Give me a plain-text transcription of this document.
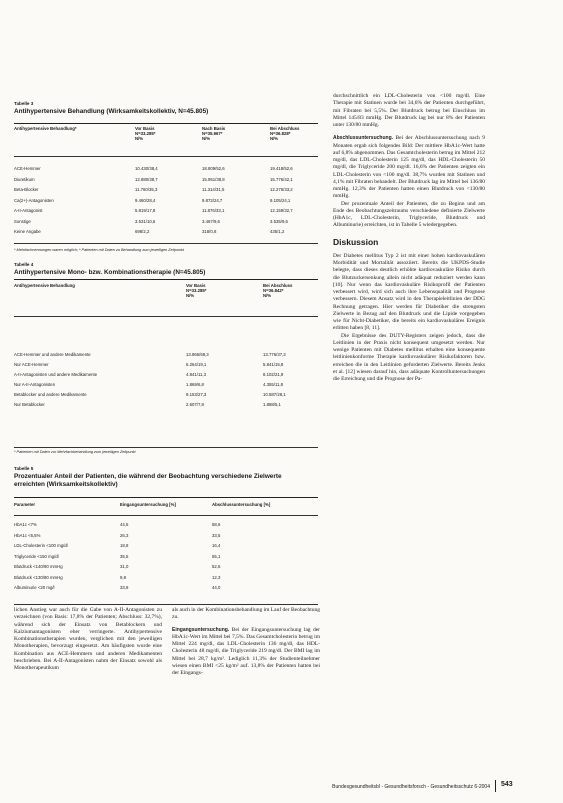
Tabelle 3
Antihypertensive Behandlung (Wirksamkeitskollektiv, N=45.805)
Antihypertensive Behandlung*	Vor Basis
N=33.285*
N/%
Nach Basis
N=35.967*
N/%
Bei Abschluss
N=36.828*
N/%
ACE-Hemmer	10.430/38,4	18.809/52,6	19.418/52,6
Diuretikum	12.880/38,7	15.951/38,8	15.776/42,1
Beta-Blocker	11.760/35,3	11.314/31,5	12.276/33,2
Ca(2+)-Antagonisten	9.460/28,4	9.872/24,7	9.105/24,1
A-II-Antagonist	5.819/17,8	11.876/33,1	12.159/32,7
Sonstige	3.531/10,6	3.467/9,6	3.535/9,6
Keine Angabe	698/2,2	318/0,8	435/1,2
* Mehrfachnennungen waren möglich; * Patienten mit Daten zu Behandlung zum jeweiligen Zeitpunkt
Tabelle 4
Antihypertensive Mono- bzw. Kombinationstherapie (N=45.805)
Antihypertensive Behandlung	Vor Basis
N=33.285*
N/%
Bei Abschluss
N=36.842*
N/%
ACE-Hemmer und andere Medikamente	13.866/69,3	13.776/37,3
Nur ACE-Hemmer	6.264/19,1	5.841/15,8
A-II-Antagonisten und andere Medikamente	4.841/11,3	8.102/21,9
Nur A-II-Antagonisten	1.869/6,8	4.355/11,8
Betablocker und andere Medikamente	9.153/27,3	10.587/28,1
Nur Betablocker	2.607/7,8	1.888/5,1
* Patienten mit Daten zur Mehrfachbehandlung zum jeweiligen Zeitpunkt
Tabelle 5
Prozentualer Anteil der Patienten, die während der Beobachtung verschiedene Zielwerte erreichten (Wirksamkeitskollektiv)
Parameter	Eingangsuntersuchung [%]	Abschlussuntersuchung [%]
HbA1c <7%	44,5	58,6
HbA1c <6,5%	26,3	33,5
LDL-Cholesterin <100 mg/dl	18,8	16,4
Triglyceride <150 mg/dl	35,5	55,1
Blutdruck <140/90 mmHg	31,0	52,6
Blutdruck <130/80 mmHg	9,8	12,3
Albuminurie <20 mg/l	33,9	44,0

lichen Anstieg war auch für die Gabe von A-II-Antagonisten zu verzeichnen (von Basis: 17,8% der Patienten; Abschluss: 32,7%), während sich der Einsatz von Betablockern und Kalziumantagonisten eher verringerte. Antihypertensive Kombinationstherapien wurden, verglichen mit den jeweiligen Monotherapien, bevorzugt eingesetzt. Am häufigsten wurde eine Kombination aus ACE-Hemmern und anderen Medikamenten beschrieben. Bei A-II-Antagonisten nahm der Einsatz sowohl als Monotherapeutikum

als auch in der Kombinationsbehandlung im Lauf der Beobachtung zu.

Eingangsuntersuchung. Bei der Eingangsuntersuchung lag der HbA1c-Wert im Mittel bei 7,5%. Das Gesamtcholesterin betrug im Mittel 224 mg/dl, das LDL-Cholesterin 136 mg/dl, das HDL-Cholesterin 48 mg/dl, die Triglyceride 219 mg/dl. Der BMI lag im Mittel bei 28,7 kg/m². Lediglich 11,3% der Studienteilnehmer wiesen einen BMI <25 kg/m² auf. 13,8% der Patienten hatten bei der Eingangs-

durchschnittlich ein LDL-Cholesterin von <100 mg/dl. Eine Therapie mit Statinen wurde bei 34,6% der Patienten durchgeführt, mit Fibraten bei 5,5%. Der Blutdruck betrug bei Einschluss im Mittel 145/83 mmHg. Der Blutdruck lag bei nur 8% der Patienten unter 130/80 mmHg.

Abschlussuntersuchung. Bei der Abschlussuntersuchung nach 9 Monaten ergab sich folgendes Bild: Der mittlere HbA1c-Wert hatte auf 6,8% abgenommen. Das Gesamtcholesterin betrug im Mittel 212 mg/dl, das LDL-Cholesterin 125 mg/dl, das HDL-Cholesterin 50 mg/dl, die Triglyceride 200 mg/dl. 16,6% der Patienten zeigten ein LDL-Cholesterin von <100 mg/dl. 38,7% wurden mit Statinen und 4,1% mit Fibraten behandelt. Der Blutdruck lag im Mittel bei 136/80 mmHg. 12,3% der Patienten hatten einen Blutdruck von <130/80 mmHg.

Der prozentuale Anteil der Patienten, die zu Beginn und am Ende des Beobachtungszeitraums verschiedene definierte Zielwerte (HbA1c, LDL-Cholesterin, Triglyceride, Blutdruck und Albuminurie) erreichten, ist in Tabelle 5 wiedergegeben.

Diskussion

Der Diabetes mellitus Typ 2 ist mit einer hohen kardiovaskulären Morbidität und Mortalität assoziiert. Bereits die UKPDS-Studie belegte, dass dieses deutlich erhöhte kardiovaskuläre Risiko durch die Blutzuckersenkung allein nicht adäquat reduziert werden kann [10]. Nur wenn das kardiovaskuläre Risikoprofil der Patienten verbessert wird, wird sich auch ihre Lebensqualität und Prognose verbessern. Diesem Ansatz wird in den Therapieleitlinien der DDG Rechnung getragen. Hier werden für Diabetiker die strengsten Zielwerte in Bezug auf den Blutdruck und die Lipide vorgegeben wie für Nicht-Diabetiker, die bereits ein kardiovaskuläres Ereignis erlitten haben [8, 11].

Die Ergebnisse des DUTY-Registers zeigen jedoch, dass die Leitlinien in der Praxis nicht konsequent umgesetzt werden. Nur wenige Patienten mit Diabetes mellitus erhalten eine konsequente leitlinienkonforme Therapie kardiovaskulärer Risikofaktoren bzw. erreichen die in den Leitlinien geforderten Zielwerte. Bereits Jenks et al. [12] wiesen darauf hin, dass adäquate Kontrolluntersuchungen die Erreichung und die Prognose der Pa-

Bundesgesundheitsbl - Gesundheitsforsch - Gesundheitsschutz 6-2004 543
